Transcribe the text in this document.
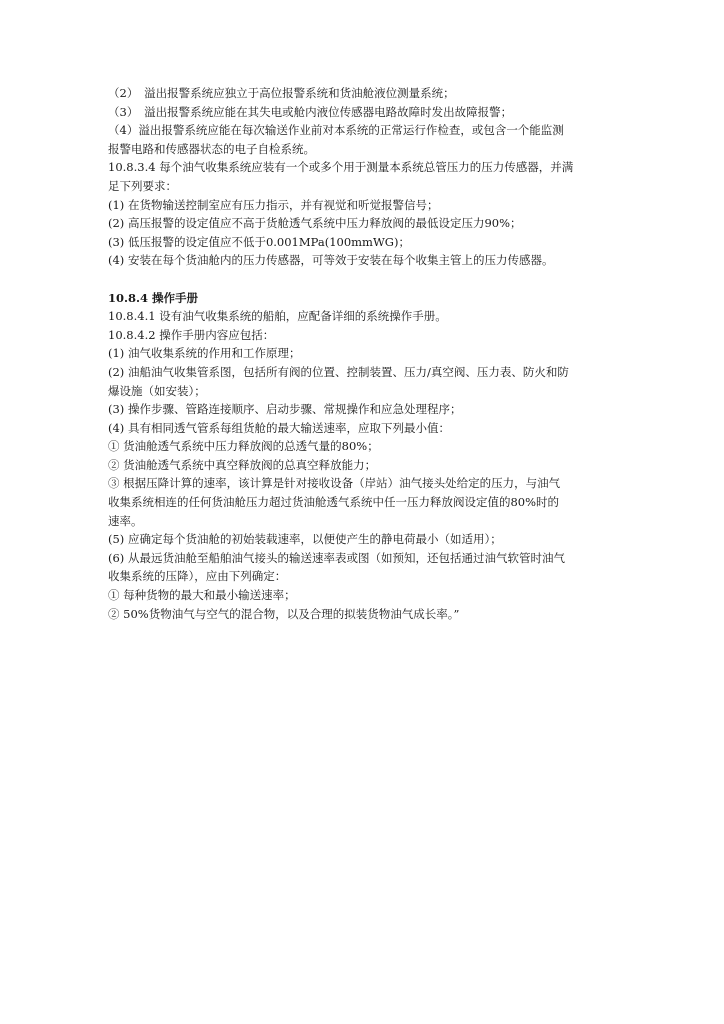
（2）　溢出报警系统应独立于高位报警系统和货油舱液位测量系统；
（3）　溢出报警系统应能在其失电或舱内液位传感器电路故障时发出故障报警；
（4）溢出报警系统应能在每次输送作业前对本系统的正常运行作检查，或包含一个能监测
报警电路和传感器状态的电子自检系统。
10.8.3.4 每个油气收集系统应装有一个或多个用于测量本系统总管压力的压力传感器，并满
足下列要求：
(1) 在货物输送控制室应有压力指示，并有视觉和听觉报警信号；
(2) 高压报警的设定值应不高于货舱透气系统中压力释放阀的最低设定压力90%；
(3) 低压报警的设定值应不低于0.001MPa(100mmWG)；
(4) 安装在每个货油舱内的压力传感器，可等效于安装在每个收集主管上的压力传感器。
10.8.4 操作手册
10.8.4.1 设有油气收集系统的船舶，应配备详细的系统操作手册。
10.8.4.2 操作手册内容应包括：
(1) 油气收集系统的作用和工作原理；
(2) 油船油气收集管系图，包括所有阀的位置、控制装置、压力/真空阀、压力表、防火和防
爆设施（如安装）；
(3) 操作步骤、管路连接顺序、启动步骤、常规操作和应急处理程序；
(4) 具有相同透气管系每组货舱的最大输送速率，应取下列最小值：
① 货油舱透气系统中压力释放阀的总透气量的80%；
② 货油舱透气系统中真空释放阀的总真空释放能力；
③ 根据压降计算的速率，该计算是针对接收设备（岸站）油气接头处给定的压力，与油气
收集系统相连的任何货油舱压力超过货油舱透气系统中任一压力释放阀设定值的80%时的
速率。
(5) 应确定每个货油舱的初始装载速率，以便使产生的静电荷最小（如适用）；
(6) 从最远货油舱至船舶油气接头的输送速率表或图（如预知，还包括通过油气软管时油气
收集系统的压降），应由下列确定：
① 每种货物的最大和最小输送速率；
② 50%货物油气与空气的混合物，以及合理的拟装货物油气成长率。”
